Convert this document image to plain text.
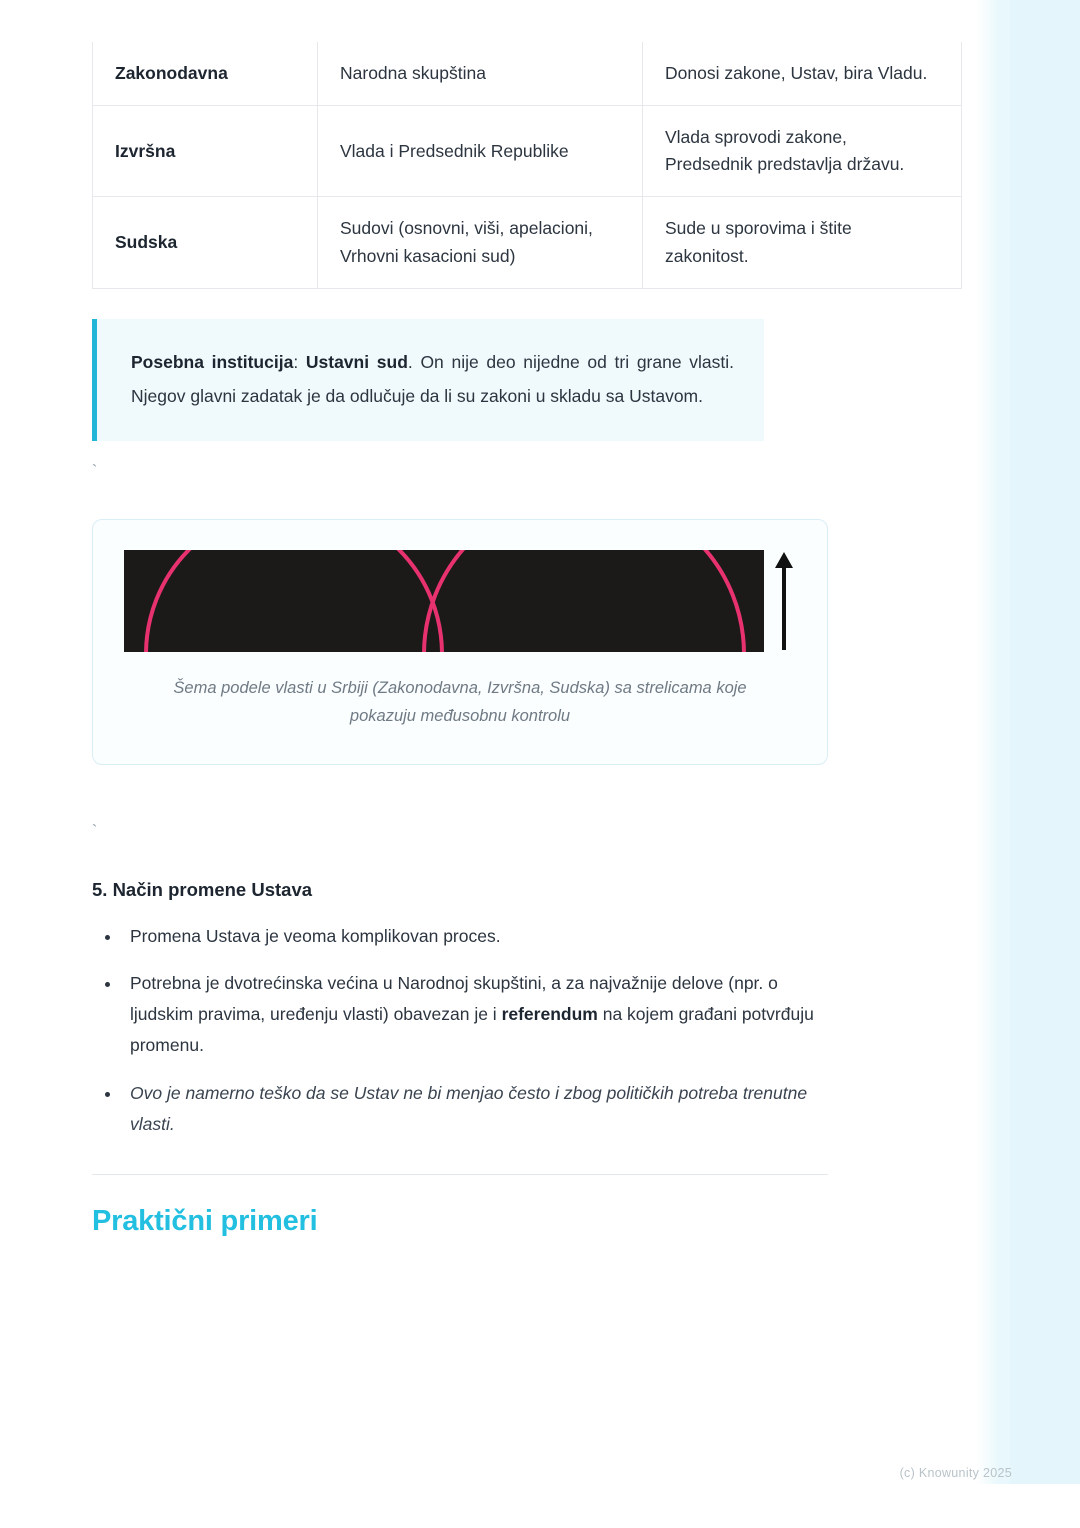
Zakonodavna	Narodna skupština	Donosi zakone, Ustav, bira Vladu.
Izvršna	Vlada i Predsednik Republike	Vlada sprovodi zakone, Predsednik predstavlja državu.
Sudska	Sudovi (osnovni, viši, apelacioni, Vrhovni kasacioni sud)	Sude u sporovima i štite zakonitost.

Posebna institucija: Ustavni sud. On nije deo nijedne od tri grane vlasti. Njegov glavni zadatak je da odlučuje da li su zakoni u skladu sa Ustavom.

`
Šema podele vlasti u Srbiji (Zakonodavna, Izvršna, Sudska) sa strelicama koje pokazuju međusobnu kontrolu
`
5. Način promene Ustava
• Promena Ustava je veoma komplikovan proces.
• Potrebna je dvotrećinska većina u Narodnoj skupštini, a za najvažnije delove (npr. o ljudskim pravima, uređenju vlasti) obavezan je i referendum na kojem građani potvrđuju promenu.
• Ovo je namerno teško da se Ustav ne bi menjao često i zbog političkih potreba trenutne vlasti.
Praktični primeri
(c) Knowunity 2025
